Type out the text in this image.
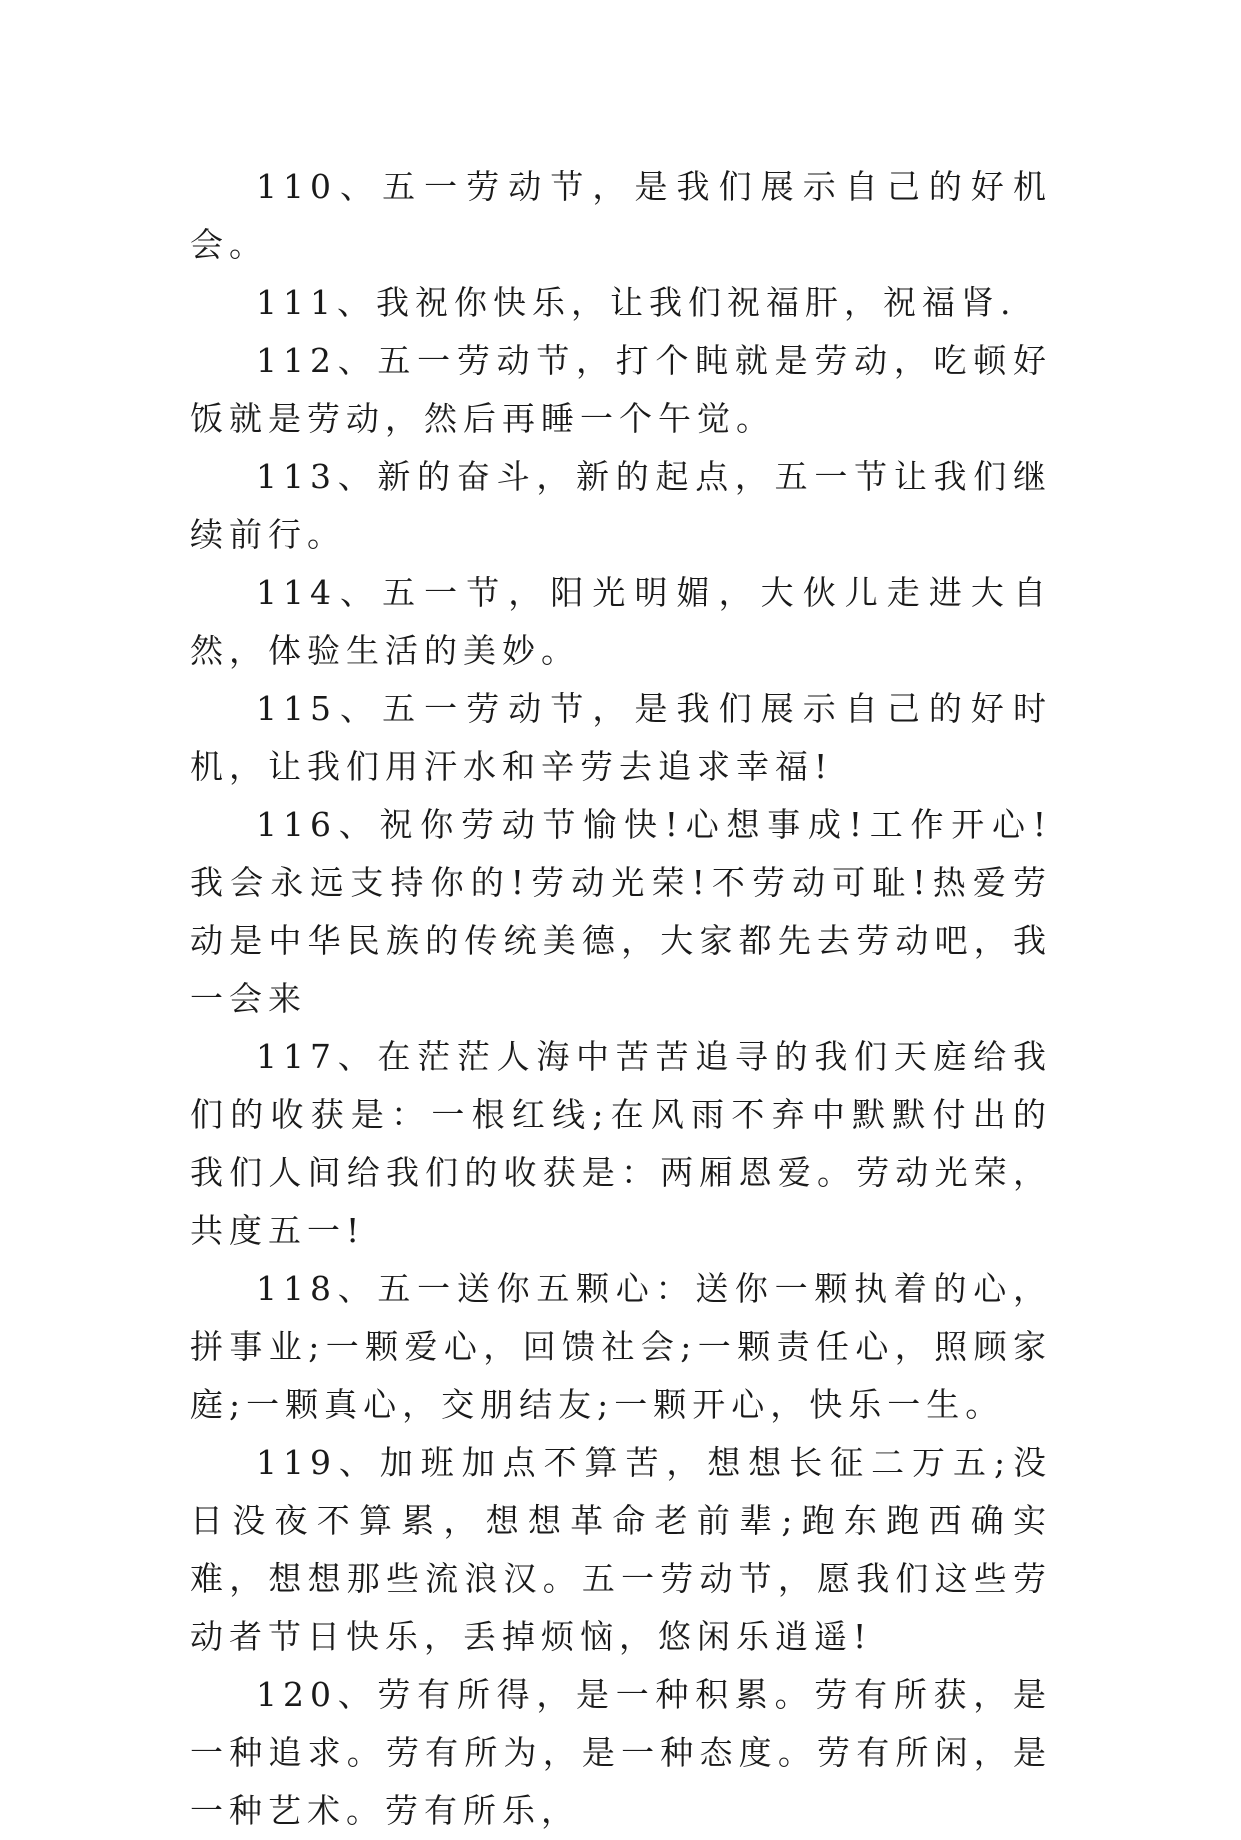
110、五一劳动节，是我们展示自己的好机会。

111、我祝你快乐，让我们祝福肝，祝福肾.

112、五一劳动节，打个盹就是劳动，吃顿好饭就是劳动，然后再睡一个午觉。

113、新的奋斗，新的起点，五一节让我们继续前行。

114、五一节，阳光明媚，大伙儿走进大自然，体验生活的美妙。

115、五一劳动节，是我们展示自己的好时机，让我们用汗水和辛劳去追求幸福!

116、祝你劳动节愉快!心想事成!工作开心!我会永远支持你的!劳动光荣!不劳动可耻!热爱劳动是中华民族的传统美德，大家都先去劳动吧，我一会来

117、在茫茫人海中苦苦追寻的我们天庭给我们的收获是：一根红线;在风雨不弃中默默付出的我们人间给我们的收获是：两厢恩爱。劳动光荣，共度五一!

118、五一送你五颗心：送你一颗执着的心，拼事业;一颗爱心，回馈社会;一颗责任心，照顾家庭;一颗真心，交朋结友;一颗开心，快乐一生。

119、加班加点不算苦，想想长征二万五;没日没夜不算累，想想革命老前辈;跑东跑西确实难，想想那些流浪汉。五一劳动节，愿我们这些劳动者节日快乐，丢掉烦恼，悠闲乐逍遥!

120、劳有所得，是一种积累。劳有所获，是一种追求。劳有所为，是一种态度。劳有所闲，是一种艺术。劳有所乐，
